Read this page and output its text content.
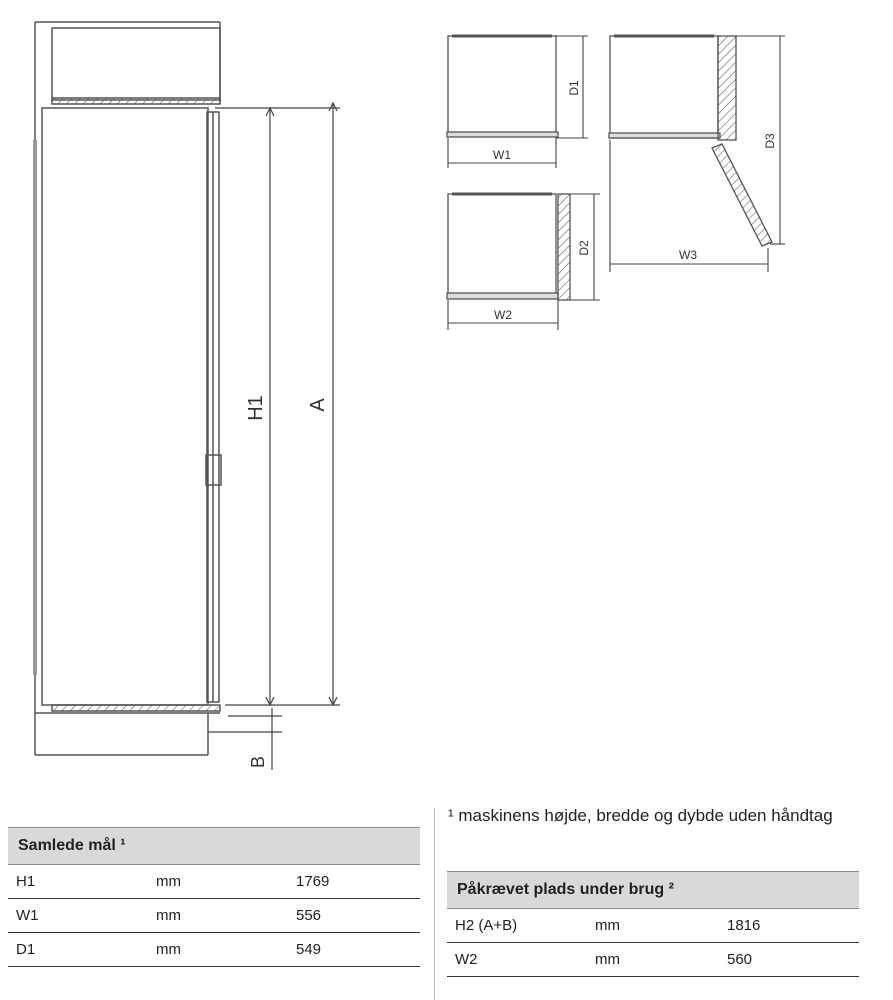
H1 A
B
W1
D1
W2
D2	W3
D3
Samlede mål ¹
H1	mm	1769
W1	mm	556
D1	mm	549
¹ maskinens højde, bredde og dybde uden håndtag
Påkrævet plads under brug ²
H2 (A+B)	mm	1816
W2	mm	560
